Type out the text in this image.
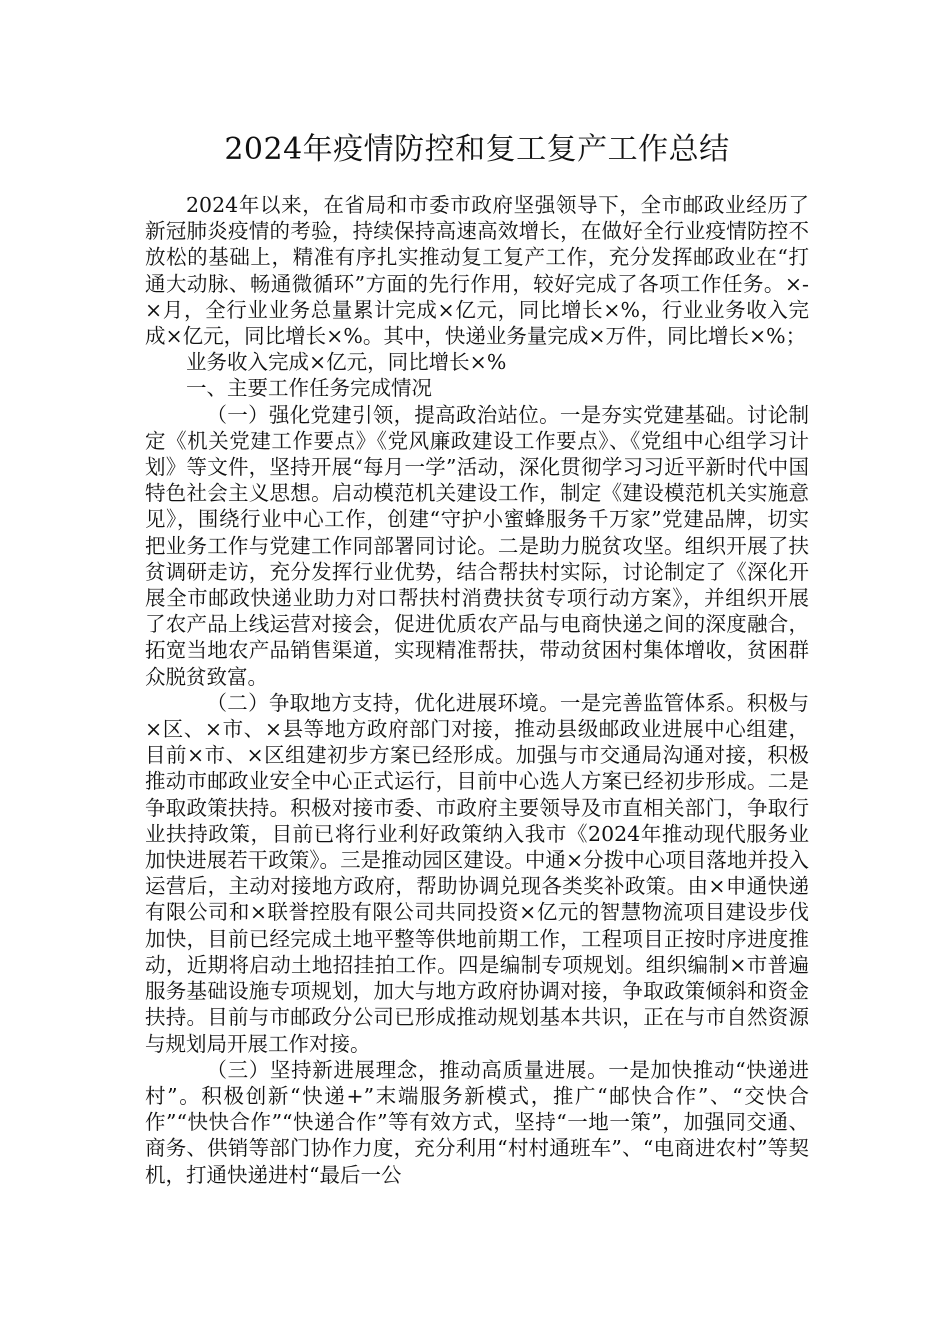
2024年疫情防控和复工复产工作总结

2024年以来，在省局和市委市政府坚强领导下，全市邮政业经历了新冠肺炎疫情的考验，持续保持高速高效增长，在做好全行业疫情防控不放松的基础上，精准有序扎实推动复工复产工作，充分发挥邮政业在“打通大动脉、畅通微循环”方面的先行作用，较好完成了各项工作任务。×-×月，全行业业务总量累计完成×亿元，同比增长×%，行业业务收入完成×亿元，同比增长×%。其中，快递业务量完成×万件，同比增长×%；

业务收入完成×亿元，同比增长×%

一、主要工作任务完成情况

（一）强化党建引领，提高政治站位。一是夯实党建基础。讨论制定《机关党建工作要点》《党风廉政建设工作要点》、《党组中心组学习计划》等文件，坚持开展“每月一学”活动，深化贯彻学习习近平新时代中国特色社会主义思想。启动模范机关建设工作，制定《建设模范机关实施意见》，围绕行业中心工作，创建“守护小蜜蜂服务千万家”党建品牌，切实把业务工作与党建工作同部署同讨论。二是助力脱贫攻坚。组织开展了扶贫调研走访，充分发挥行业优势，结合帮扶村实际，讨论制定了《深化开展全市邮政快递业助力对口帮扶村消费扶贫专项行动方案》，并组织开展了农产品上线运营对接会，促进优质农产品与电商快递之间的深度融合，拓宽当地农产品销售渠道，实现精准帮扶，带动贫困村集体增收，贫困群众脱贫致富。

（二）争取地方支持，优化进展环境。一是完善监管体系。积极与×区、×市、×县等地方政府部门对接，推动县级邮政业进展中心组建，目前×市、×区组建初步方案已经形成。加强与市交通局沟通对接，积极推动市邮政业安全中心正式运行，目前中心选人方案已经初步形成。二是争取政策扶持。积极对接市委、市政府主要领导及市直相关部门，争取行业扶持政策，目前已将行业利好政策纳入我市《2024年推动现代服务业加快进展若干政策》。三是推动园区建设。中通×分拨中心项目落地并投入运营后，主动对接地方政府，帮助协调兑现各类奖补政策。由×申通快递有限公司和×联誉控股有限公司共同投资×亿元的智慧物流项目建设步伐加快，目前已经完成土地平整等供地前期工作，工程项目正按时序进度推动，近期将启动土地招挂拍工作。四是编制专项规划。组织编制×市普遍服务基础设施专项规划，加大与地方政府协调对接，争取政策倾斜和资金扶持。目前与市邮政分公司已形成推动规划基本共识，正在与市自然资源与规划局开展工作对接。

（三）坚持新进展理念，推动高质量进展。一是加快推动“快递进村”。积极创新“快递+”末端服务新模式，推广“邮快合作”、“交快合作”“快快合作”“快递合作”等有效方式，坚持“一地一策”，加强同交通、商务、供销等部门协作力度，充分利用“村村通班车”、“电商进农村”等契机，打通快递进村“最后一公
